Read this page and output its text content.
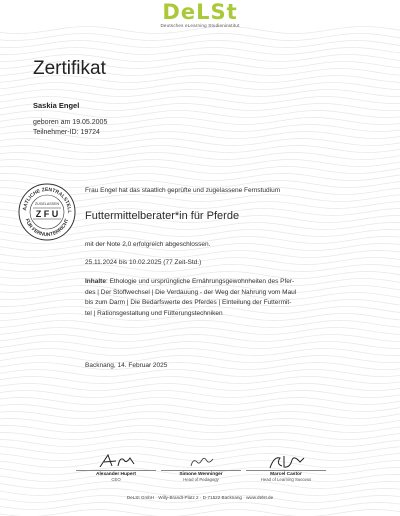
DeLSt
Deutsches eLearning Studieninstitut
Zertifikat
Saskia Engel
geboren am 19.05.2005
Teilnehmer-ID: 19724
AATLICHE ZENTRALSTELL
FÜR FERNUNTERRICHT
ZUGELASSEN
Z F U
Frau Engel hat das staatlich geprüfte und zugelassene Fernstudium
Futtermittelberater*in für Pferde
mit der Note 2,0 erfolgreich abgeschlossen.
25.11.2024 bis 10.02.2025 (77 Zeit-Std.)
Inhalte: Ethologie und ursprüngliche Ernährungsgewohnheiten des Pfer-
des | Der Stoffwechsel | Die Verdauung - der Weg der Nahrung vom Maul
bis zum Darm | Die Bedarfswerte des Pferdes | Einteilung der Futtermit-
tel | Rationsgestaltung und Fütterungstechniken
Backnang, 14. Februar 2025
Alexander Hupert
CEO
Simone Wenninger
Head of Pedagogy
Marcel Castor
Head of Learning Success
DeLSt GmbH · Willy-Brandt-Platz 2 · D-71522 Backnang · www.delst.de
